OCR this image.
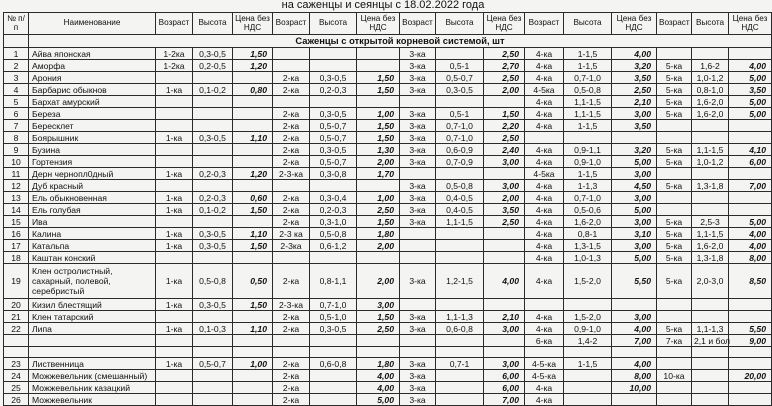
на саженцы и сеянцы с 18.02.2022 года
№ п/п	Наименование	Возраст	Высота	Цена без НДС	Возраст	Высота	Цена без НДС	Возраст	Высота	Цена без НДС	Возраст	Высота	Цена без НДС	Возраст	Высота	Цена без НДС
	Саженцы с открытой корневой системой, шт															
1	Айва японская	1-2ка	0,3-0,5	1,50				3-ка		2,50	4-ка	1-1,5	4,00			
2	Аморфа	1-2ка	0,2-0,5	1,20				3-ка	0,5-1	2,70	4-ка	1-1,5	3,20	5-ка	1,6-2	4,00
3	Арония				2-ка	0,3-0,5	1,50	3-ка	0,5-0,7	2,50	4-ка	0,7-1,0	3,50	5-ка	1,0-1,2	5,00
4	Барбарис обыкнов	1-ка	0,1-0,2	0,80	2-ка	0,2-0,3	1,50	3-ка	0,3-0,5	2,00	4-5ка	0,5-0,8	2,50	5-ка	0,8-1,0	3,50
5	Бархат амурский										4-ка	1,1-1,5	2,10	5-ка	1,6-2,0	5,00
6	Береза				2-ка	0,3-0,5	1,00	3-ка	0,5-1	1,50	4-ка	1,1-1,5	3,00	5-ка	1,6-2,0	5,00
7	Бересклет				2-ка	0,5-0,7	1,50	3-ка	0,7-1,0	2,20	4-ка	1-1,5	3,50			
8	Боярышник	1-ка	0,3-0,5	1,10	2-ка	0,5-0,7	1,50	3-ка	0,7-1,0	2,50						
9	Бузина				2-ка	0,3-0,5	1,30	3-ка	0,6-0,9	2,40	4-ка	0,9-1,1	3,20	5-ка	1,1-1,5	4,10
10	Гортензия				2-ка	0,5-0,7	2,00	3-ка	0,7-0,9	3,00	4-ка	0,9-1,0	5,00	5-ка	1,0-1,2	6,00
11	Дерн чернопл0дный	1-ка	0,2-0,3	1,20	2-3-ка	0,3-0,8	1,70				4-5ка	1-1,5	3,00			
12	Дуб красный							3-ка	0,5-0,8	3,00	4-ка	1-1,3	4,50	5-ка	1,3-1,8	7,00
13	Ель обыкновенная	1-ка	0,2-0,3	0,60	2-ка	0,3-0,4	1,00	3-ка	0,4-0,5	2,00	4-ка	0,7-1,0	3,00			
14	Ель голубая	1-ка	0,1-0,2	1,50	2-ка	0,2-0,3	2,50	3-ка	0,4-0,5	3,50	4-ка	0,5-0,6	5,00			
15	Ива				2-ка	0,3-1,0	1,50	3-ка	1,1-1,5	2,50	4-ка	1,6-2,0	3,00	5-ка	2,5-3	5,00
16	Калина	1-ка	0,3-0,5	1,10	2-3 ка	0,5-0,8	1,80				4-ка	0,8-1	3,10	5-ка	1,1-1,5	4,00
17	Катальпа	1-ка	0,3-0,5	1,50	2-3ка	0,6-1,2	2,00				4-ка	1,3-1,5	3,00	5-ка	1,6-2,0	4,00
18	Каштан конский										4-ка	1,0-1,3	5,00	5-ка	1,3-1,8	8,00
19	Клен остролистный, сахарный, полевой, серебристый	1-ка	0,5-0,8	0,50	2-ка	0,8-1,1	2,00	3-ка	1,2-1,5	4,00	4-ка	1,5-2,0	5,50	5-ка	2,0-3,0	8,50
20	Кизил блестящий	1-ка	0,3-0,5	1,50	2-3-ка	0,7-1,0	3,00									
21	Клен татарский				2-ка	0,5-1,0	1,50	3-ка	1,1-1,3	2,10	4-ка	1,5-2,0	3,00			
22	Липа	1-ка	0,1-0,3	1,10	2-ка	0,3-0,5	2,50	3-ка	0,6-0,8	3,00	4-ка	0,9-1,0	4,00	5-ка	1,1-1,3	5,50
											6-ка	1,4-2	7,00	7-ка	2,1 и бол	9,00

23	Лиственница	1-ка	0,5-0,7	1,00	2-ка	0,6-0,8	1,80	3-ка	0,7-1	3,00	4-5-ка	1-1,5	4,00			
24	Можжевельник (смешанный)				2-ка		4,00	3-ка		6,00	4-5-ка		8,00	10-ка		20,00
25	Можжевельник казацкий				2-ка		4,00	3-ка		6,00	4-ка		10,00			
26	Можжевельник				2-ка		5,00	3-ка		7,00	4-ка					
